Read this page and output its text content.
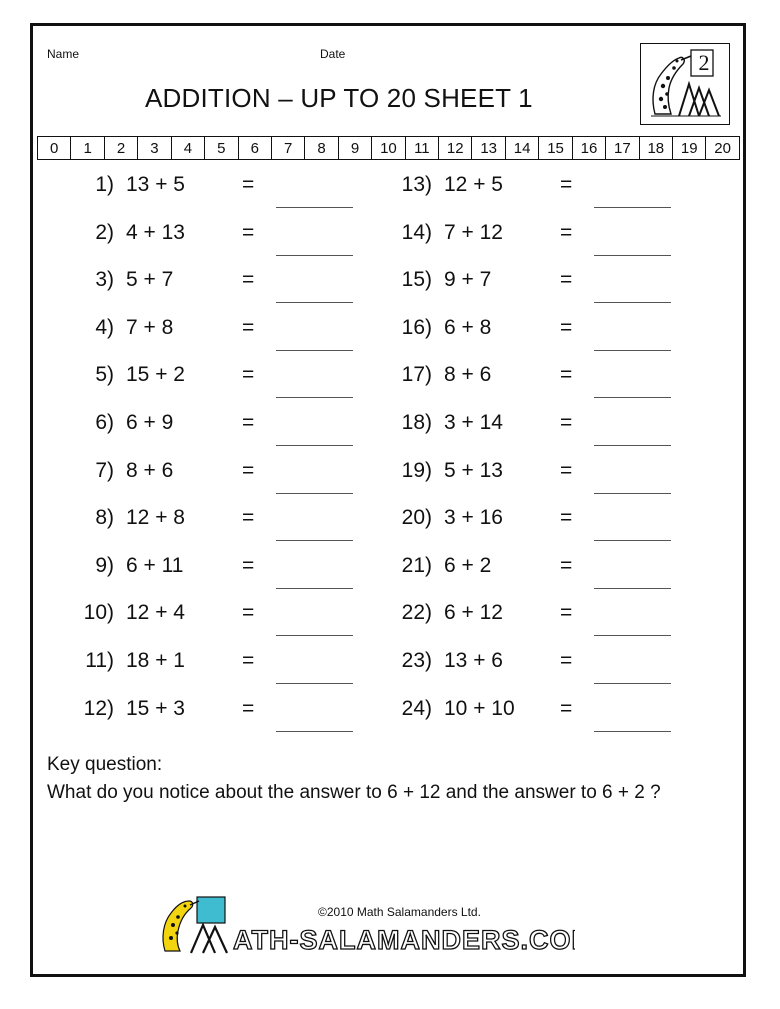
Name	Date
ADDITION – UP TO 20 SHEET 1
2
0	1	2	3	4	5	6	7	8	9	10	11	12	13	14	15	16	17	18	19	20
1) 13 + 5	=
2) 4 + 13	=
3) 5 + 7	=
4) 7 + 8	=
5) 15 + 2	=
6) 6 + 9	=
7) 8 + 6	=
8) 12 + 8	=
9) 6 + 11	=
10) 12 + 4	=
11) 18 + 1	=
12) 15 + 3	=
13) 12 + 5	=
14) 7 + 12	=
15) 9 + 7	=
16) 6 + 8	=
17) 8 + 6	=
18) 3 + 14	=
19) 5 + 13	=
20) 3 + 16	=
21) 6 + 2	=
22) 6 + 12	=
23) 13 + 6	=
24) 10 + 10 =
Key question:
What do you notice about the answer to 6 + 12 and the answer to 6 + 2 ?
ATH-SALAMANDERS.COM
©2010 Math Salamanders Ltd.
